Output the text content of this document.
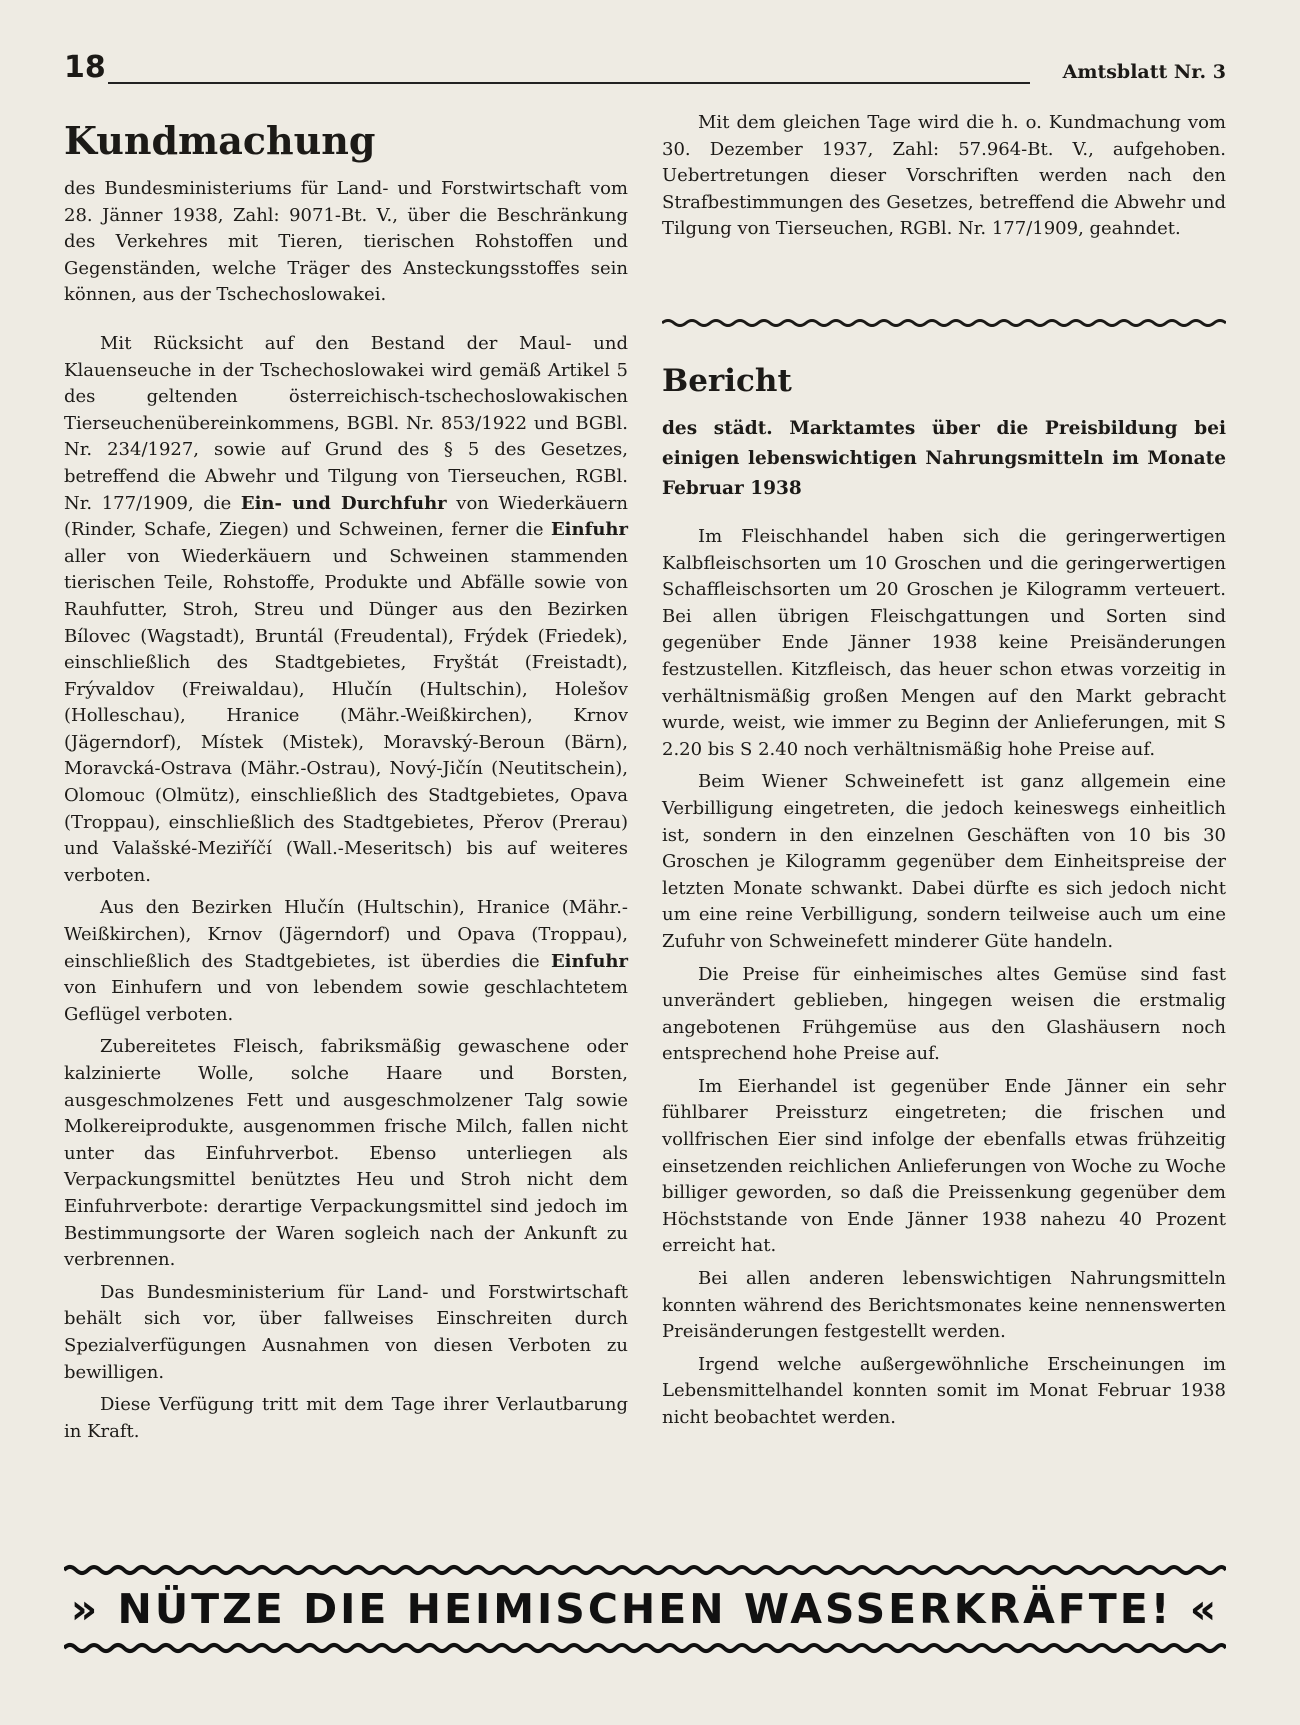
18	Amtsblatt Nr. 3
Kundmachung
des Bundesministeriums für Land- und Forstwirtschaft vom 28. Jänner 1938, Zahl: 9071-Bt. V., über die Beschränkung des Verkehres mit Tieren, tierischen Rohstoffen und Gegenständen, welche Träger des Ansteckungsstoffes sein können, aus der Tschechoslowakei.

Mit Rücksicht auf den Bestand der Maul- und Klauenseuche in der Tschechoslowakei wird gemäß Artikel 5 des geltenden österreichisch-tschechoslowakischen Tierseuchenübereinkommens, BGBl. Nr. 853/1922 und BGBl. Nr. 234/1927, sowie auf Grund des § 5 des Gesetzes, betreffend die Abwehr und Tilgung von Tierseuchen, RGBl. Nr. 177/1909, die Ein- und Durchfuhr von Wiederkäuern (Rinder, Schafe, Ziegen) und Schweinen, ferner die Einfuhr aller von Wiederkäuern und Schweinen stammenden tierischen Teile, Rohstoffe, Produkte und Abfälle sowie von Rauhfutter, Stroh, Streu und Dünger aus den Bezirken Bílovec (Wagstadt), Bruntál (Freudental), Frýdek (Friedek), einschließlich des Stadtgebietes, Fryštát (Freistadt), Frývaldov (Freiwaldau), Hlučín (Hultschin), Holešov (Holleschau), Hranice (Mähr.-Weißkirchen), Krnov (Jägerndorf), Místek (Mistek), Moravský-Beroun (Bärn), Moravcká-Ostrava (Mähr.-Ostrau), Nový-Jičín (Neutitschein), Olomouc (Olmütz), einschließlich des Stadtgebietes, Opava (Troppau), einschließlich des Stadtgebietes, Přerov (Prerau) und Valašské-Meziříčí (Wall.-Meseritsch) bis auf weiteres verboten.

Aus den Bezirken Hlučín (Hultschin), Hranice (Mähr.-Weißkirchen), Krnov (Jägerndorf) und Opava (Troppau), einschließlich des Stadtgebietes, ist überdies die Einfuhr von Einhufern und von lebendem sowie geschlachtetem Geflügel verboten.

Zubereitetes Fleisch, fabriksmäßig gewaschene oder kalzinierte Wolle, solche Haare und Borsten, ausgeschmolzenes Fett und ausgeschmolzener Talg sowie Molkereiprodukte, ausgenommen frische Milch, fallen nicht unter das Einfuhrverbot. Ebenso unterliegen als Verpackungsmittel benütztes Heu und Stroh nicht dem Einfuhrverbote: derartige Verpackungsmittel sind jedoch im Bestimmungsorte der Waren sogleich nach der Ankunft zu verbrennen.

Das Bundesministerium für Land- und Forstwirtschaft behält sich vor, über fallweises Einschreiten durch Spezialverfügungen Ausnahmen von diesen Verboten zu bewilligen.

Diese Verfügung tritt mit dem Tage ihrer Verlautbarung in Kraft.

Mit dem gleichen Tage wird die h. o. Kundmachung vom 30. Dezember 1937, Zahl: 57.964-Bt. V., aufgehoben. Uebertretungen dieser Vorschriften werden nach den Strafbestimmungen des Gesetzes, betreffend die Abwehr und Tilgung von Tierseuchen, RGBl. Nr. 177/1909, geahndet.

Bericht
des städt. Marktamtes über die Preisbildung bei einigen lebenswichtigen Nahrungsmitteln im Monate Februar 1938

Im Fleischhandel haben sich die geringerwertigen Kalbfleischsorten um 10 Groschen und die geringerwertigen Schaffleischsorten um 20 Groschen je Kilogramm verteuert. Bei allen übrigen Fleischgattungen und Sorten sind gegenüber Ende Jänner 1938 keine Preisänderungen festzustellen. Kitzfleisch, das heuer schon etwas vorzeitig in verhältnismäßig großen Mengen auf den Markt gebracht wurde, weist, wie immer zu Beginn der Anlieferungen, mit S 2.20 bis S 2.40 noch verhältnismäßig hohe Preise auf.

Beim Wiener Schweinefett ist ganz allgemein eine Verbilligung eingetreten, die jedoch keineswegs einheitlich ist, sondern in den einzelnen Geschäften von 10 bis 30 Groschen je Kilogramm gegenüber dem Einheitspreise der letzten Monate schwankt. Dabei dürfte es sich jedoch nicht um eine reine Verbilligung, sondern teilweise auch um eine Zufuhr von Schweinefett minderer Güte handeln.

Die Preise für einheimisches altes Gemüse sind fast unverändert geblieben, hingegen weisen die erstmalig angebotenen Frühgemüse aus den Glashäusern noch entsprechend hohe Preise auf.

Im Eierhandel ist gegenüber Ende Jänner ein sehr fühlbarer Preissturz eingetreten; die frischen und vollfrischen Eier sind infolge der ebenfalls etwas frühzeitig einsetzenden reichlichen Anlieferungen von Woche zu Woche billiger geworden, so daß die Preissenkung gegenüber dem Höchststande von Ende Jänner 1938 nahezu 40 Prozent erreicht hat.

Bei allen anderen lebenswichtigen Nahrungsmitteln konnten während des Berichtsmonates keine nennenswerten Preisänderungen festgestellt werden.

Irgend welche außergewöhnliche Erscheinungen im Lebensmittelhandel konnten somit im Monat Februar 1938 nicht beobachtet werden.

» NÜTZE DIE HEIMISCHEN WASSERKRÄFTE! «
